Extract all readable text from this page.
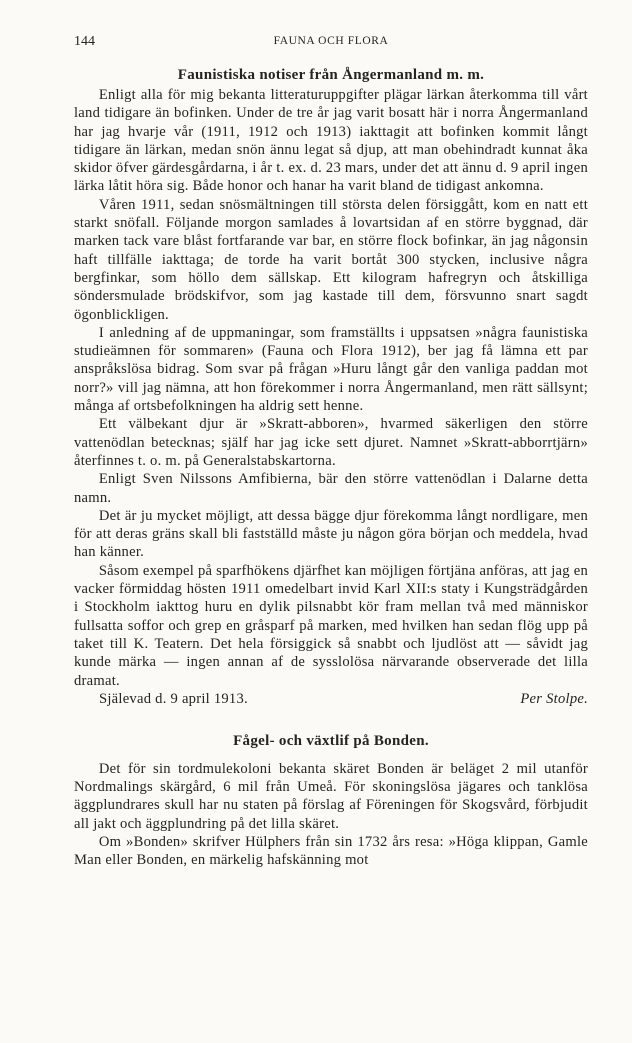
144	FAUNA OCH FLORA
Faunistiska notiser från Ångermanland m. m.

Enligt alla för mig bekanta litteraturuppgifter plägar lärkan återkomma till vårt land tidigare än bofinken. Under de tre år jag varit bosatt här i norra Ångermanland har jag hvarje vår (1911, 1912 och 1913) iakttagit att bofinken kommit långt tidigare än lärkan, medan snön ännu legat så djup, att man obehindradt kunnat åka skidor öfver gärdesgårdarna, i år t. ex. d. 23 mars, under det att ännu d. 9 april ingen lärka låtit höra sig. Både honor och hanar ha varit bland de tidigast ankomna.

Våren 1911, sedan snösmältningen till största delen försiggått, kom en natt ett starkt snöfall. Följande morgon samlades å lovartsidan af en större byggnad, där marken tack vare blåst fortfarande var bar, en större flock bofinkar, än jag någonsin haft tillfälle iakttaga; de torde ha varit bortåt 300 stycken, inclusive några bergfinkar, som höllo dem sällskap. Ett kilogram hafregryn och åtskilliga söndersmulade brödskifvor, som jag kastade till dem, försvunno snart sagdt ögonblickligen.

I anledning af de uppmaningar, som framställts i uppsatsen »några faunistiska studieämnen för sommaren» (Fauna och Flora 1912), ber jag få lämna ett par anspråkslösa bidrag. Som svar på frågan »Huru långt går den vanliga paddan mot norr?» vill jag nämna, att hon förekommer i norra Ångermanland, men rätt sällsynt; många af ortsbefolkningen ha aldrig sett henne.

Ett välbekant djur är »Skratt-abboren», hvarmed säkerligen den större vattenödlan betecknas; själf har jag icke sett djuret. Namnet »Skratt-abborrtjärn» återfinnes t. o. m. på Generalstabskartorna.

Enligt Sven Nilssons Amfibierna, bär den större vattenödlan i Dalarne detta namn.

Det är ju mycket möjligt, att dessa bägge djur förekomma långt nordligare, men för att deras gräns skall bli fastställd måste ju någon göra början och meddela, hvad han känner.

Såsom exempel på sparfhökens djärfhet kan möjligen förtjäna anföras, att jag en vacker förmiddag hösten 1911 omedelbart invid Karl XII:s staty i Kungsträdgården i Stockholm iakttog huru en dylik pilsnabbt kör fram mellan två med människor fullsatta soffor och grep en gråsparf på marken, med hvilken han sedan flög upp på taket till K. Teatern. Det hela försiggick så snabbt och ljudlöst att — såvidt jag kunde märka — ingen annan af de sysslolösa närvarande observerade det lilla dramat.

Själevad d. 9 april 1913.	Per Stolpe.
Fågel- och växtlif på Bonden.

Det för sin tordmulekoloni bekanta skäret Bonden är beläget 2 mil utanför Nordmalings skärgård, 6 mil från Umeå. För skoningslösa jägares och tanklösa äggplundrares skull har nu staten på förslag af Föreningen för Skogsvård, förbjudit all jakt och äggplundring på det lilla skäret.

Om »Bonden» skrifver Hülphers från sin 1732 års resa: »Höga klippan, Gamle Man eller Bonden, en märkelig hafskänning mot
